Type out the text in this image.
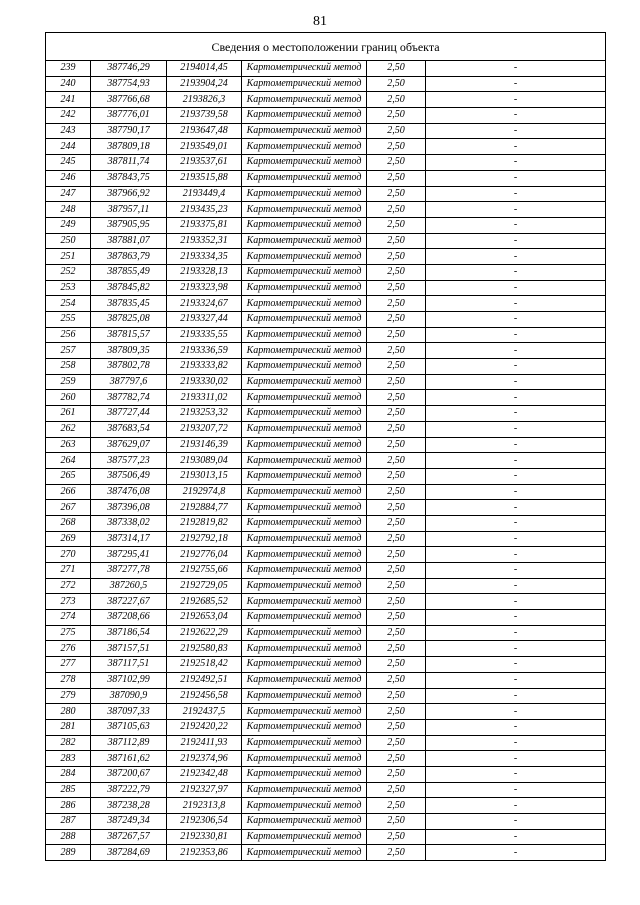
81
Сведения о местоположении границ объекта					
239	387746,29	2194014,45	Картометрический метод	2,50	-
240	387754,93	2193904,24	Картометрический метод	2,50	-
241	387766,68	2193826,3	Картометрический метод	2,50	-
242	387776,01	2193739,58	Картометрический метод	2,50	-
243	387790,17	2193647,48	Картометрический метод	2,50	-
244	387809,18	2193549,01	Картометрический метод	2,50	-
245	387811,74	2193537,61	Картометрический метод	2,50	-
246	387843,75	2193515,88	Картометрический метод	2,50	-
247	387966,92	2193449,4	Картометрический метод	2,50	-
248	387957,11	2193435,23	Картометрический метод	2,50	-
249	387905,95	2193375,81	Картометрический метод	2,50	-
250	387881,07	2193352,31	Картометрический метод	2,50	-
251	387863,79	2193334,35	Картометрический метод	2,50	-
252	387855,49	2193328,13	Картометрический метод	2,50	-
253	387845,82	2193323,98	Картометрический метод	2,50	-
254	387835,45	2193324,67	Картометрический метод	2,50	-
255	387825,08	2193327,44	Картометрический метод	2,50	-
256	387815,57	2193335,55	Картометрический метод	2,50	-
257	387809,35	2193336,59	Картометрический метод	2,50	-
258	387802,78	2193333,82	Картометрический метод	2,50	-
259	387797,6	2193330,02	Картометрический метод	2,50	-
260	387782,74	2193311,02	Картометрический метод	2,50	-
261	387727,44	2193253,32	Картометрический метод	2,50	-
262	387683,54	2193207,72	Картометрический метод	2,50	-
263	387629,07	2193146,39	Картометрический метод	2,50	-
264	387577,23	2193089,04	Картометрический метод	2,50	-
265	387506,49	2193013,15	Картометрический метод	2,50	-
266	387476,08	2192974,8	Картометрический метод	2,50	-
267	387396,08	2192884,77	Картометрический метод	2,50	-
268	387338,02	2192819,82	Картометрический метод	2,50	-
269	387314,17	2192792,18	Картометрический метод	2,50	-
270	387295,41	2192776,04	Картометрический метод	2,50	-
271	387277,78	2192755,66	Картометрический метод	2,50	-
272	387260,5	2192729,05	Картометрический метод	2,50	-
273	387227,67	2192685,52	Картометрический метод	2,50	-
274	387208,66	2192653,04	Картометрический метод	2,50	-
275	387186,54	2192622,29	Картометрический метод	2,50	-
276	387157,51	2192580,83	Картометрический метод	2,50	-
277	387117,51	2192518,42	Картометрический метод	2,50	-
278	387102,99	2192492,51	Картометрический метод	2,50	-
279	387090,9	2192456,58	Картометрический метод	2,50	-
280	387097,33	2192437,5	Картометрический метод	2,50	-
281	387105,63	2192420,22	Картометрический метод	2,50	-
282	387112,89	2192411,93	Картометрический метод	2,50	-
283	387161,62	2192374,96	Картометрический метод	2,50	-
284	387200,67	2192342,48	Картометрический метод	2,50	-
285	387222,79	2192327,97	Картометрический метод	2,50	-
286	387238,28	2192313,8	Картометрический метод	2,50	-
287	387249,34	2192306,54	Картометрический метод	2,50	-
288	387267,57	2192330,81	Картометрический метод	2,50	-
289	387284,69	2192353,86	Картометрический метод	2,50	-
